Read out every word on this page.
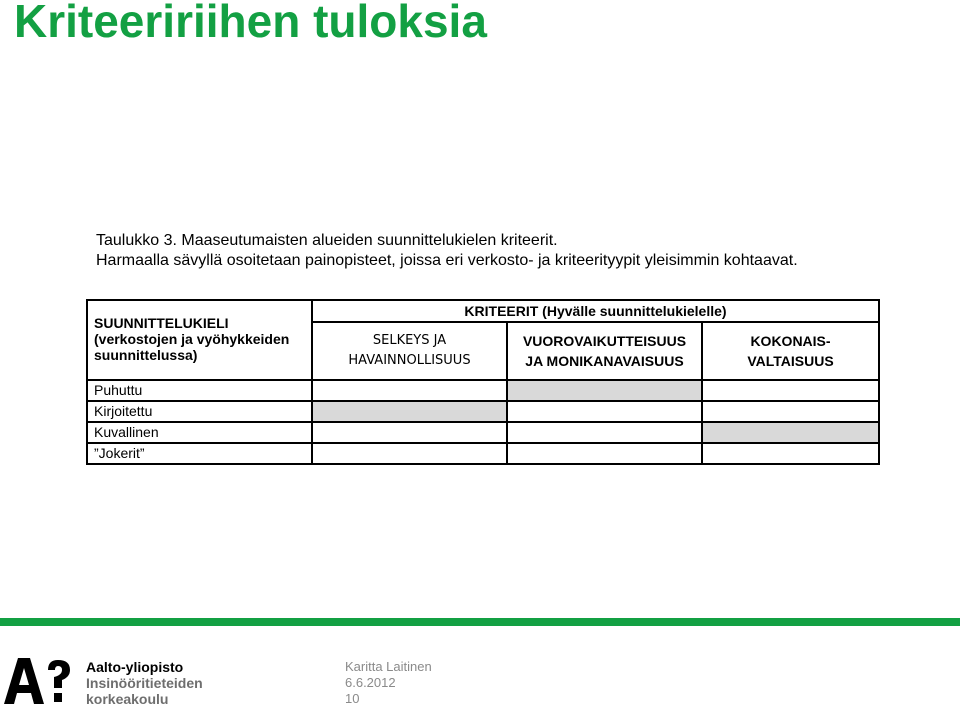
Kriteeririihen tuloksia
Taulukko 3. Maaseutumaisten alueiden suunnittelukielen kriteerit.
Harmaalla sävyllä osoitetaan painopisteet, joissa eri verkosto- ja kriteerityypit yleisimmin kohtaavat.
SUUNNITTELUKIELI (verkostojen ja vyöhykkeiden suunnittelussa)	KRITEERIT (Hyvälle suunnittelukielelle)		
	SELKEYS JA HAVAINNOLLISUUS	VUOROVAIKUTTEISUUS JA MONIKANAVAISUUS	KOKONAIS-VALTAISUUS
Puhuttu			
Kirjoitettu			
Kuvallinen			
”Jokerit”			
Aalto-yliopisto
Insinööritieteiden
korkeakoulu
Karitta Laitinen
6.6.2012
10
